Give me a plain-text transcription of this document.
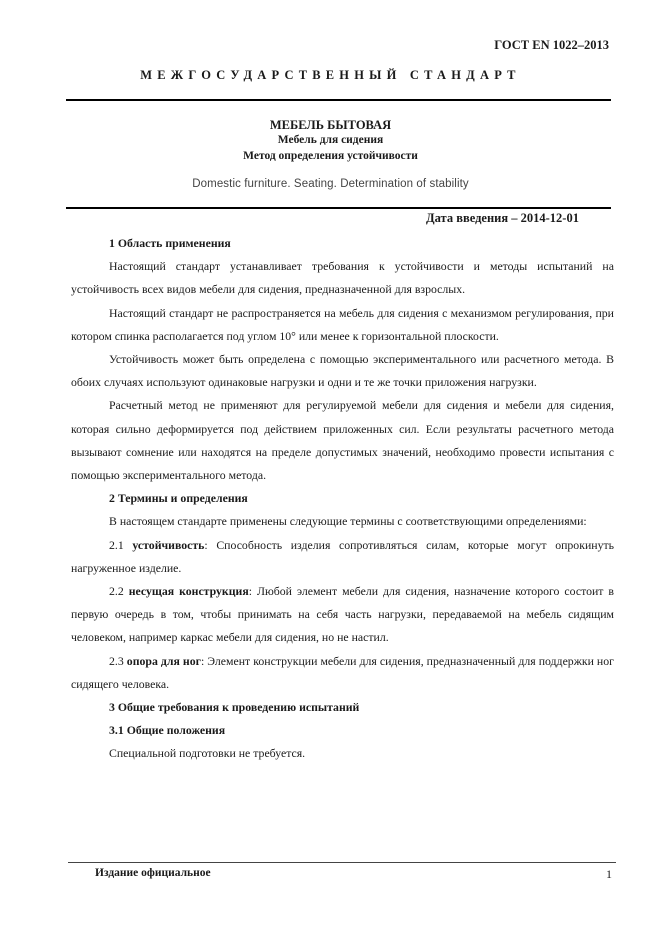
ГОСТ EN 1022–2013
МЕЖГОСУДАРСТВЕННЫЙ СТАНДАРТ
МЕБЕЛЬ БЫТОВАЯ
Мебель для сидения
Метод определения устойчивости
Domestic furniture. Seating. Determination of stability
Дата введения – 2014-12-01

1 Область применения

Настоящий стандарт устанавливает требования к устойчивости и методы испытаний на устойчивость всех видов мебели для сидения, предназначенной для взрослых.

Настоящий стандарт не распространяется на мебель для сидения с механизмом регулирования, при котором спинка располагается под углом 10° или менее к горизонтальной плоскости.

Устойчивость может быть определена с помощью экспериментального или расчетного метода. В обоих случаях используют одинаковые нагрузки и одни и те же точки приложения нагрузки.

Расчетный метод не применяют для регулируемой мебели для сидения и мебели для сидения, которая сильно деформируется под действием приложенных сил. Если результаты расчетного метода вызывают сомнение или находятся на пределе допустимых значений, необходимо провести испытания с помощью экспериментального метода.

2 Термины и определения

В настоящем стандарте применены следующие термины с соответствующими определениями:

2.1 устойчивость: Способность изделия сопротивляться силам, которые могут опрокинуть нагруженное изделие.

2.2 несущая конструкция: Любой элемент мебели для сидения, назначение которого состоит в первую очередь в том, чтобы принимать на себя часть нагрузки, передаваемой на мебель сидящим человеком, например каркас мебели для сидения, но не настил.

2.3 опора для ног: Элемент конструкции мебели для сидения, предназначенный для поддержки ног сидящего человека.

3 Общие требования к проведению испытаний

3.1 Общие положения

Специальной подготовки не требуется.

Издание официальное	1
